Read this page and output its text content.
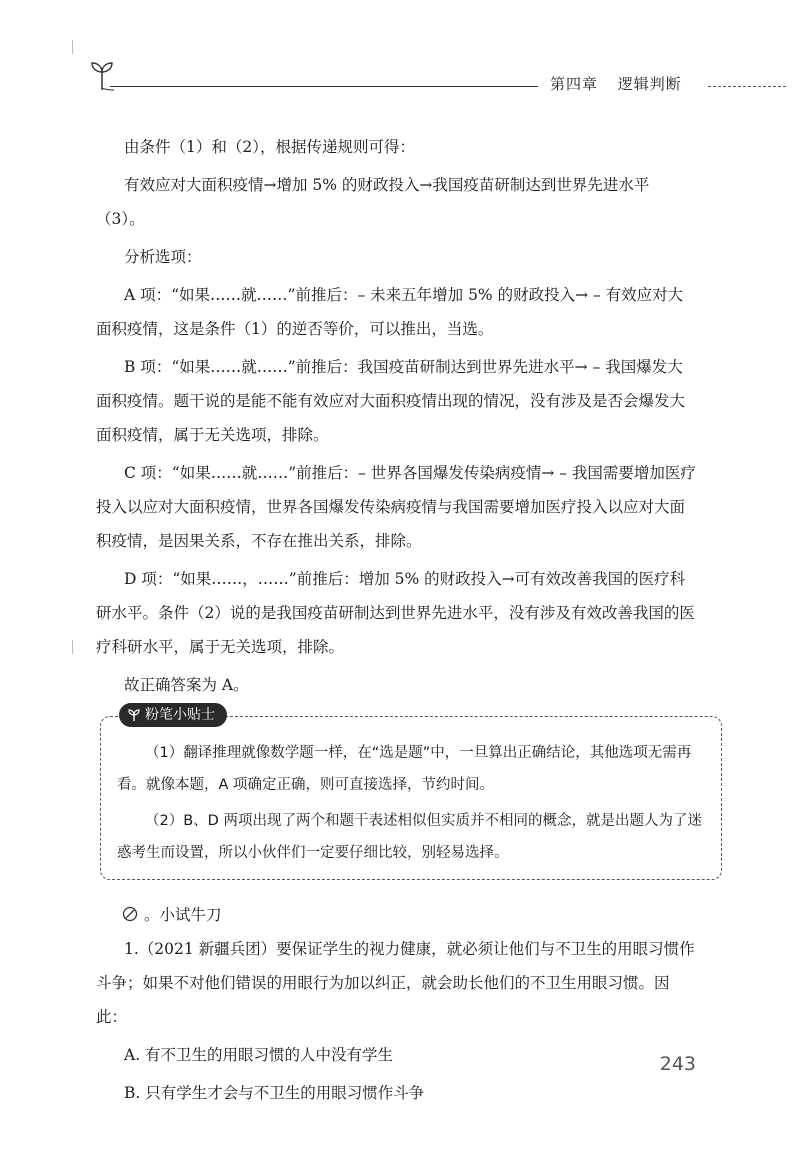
第四章 逻辑判断

由条件（1）和（2），根据传递规则可得：

有效应对大面积疫情→增加 5% 的财政投入→我国疫苗研制达到世界先进水平（3）。

分析选项：

A 项：“如果……就……”前推后：– 未来五年增加 5% 的财政投入→ – 有效应对大面积疫情，这是条件（1）的逆否等价，可以推出，当选。

B 项：“如果……就……”前推后：我国疫苗研制达到世界先进水平→ – 我国爆发大面积疫情。题干说的是能不能有效应对大面积疫情出现的情况，没有涉及是否会爆发大面积疫情，属于无关选项，排除。

C 项：“如果……就……”前推后：– 世界各国爆发传染病疫情→ – 我国需要增加医疗投入以应对大面积疫情，世界各国爆发传染病疫情与我国需要增加医疗投入以应对大面积疫情，是因果关系，不存在推出关系，排除。

D 项：“如果……，……”前推后：增加 5% 的财政投入→可有效改善我国的医疗科研水平。条件（2）说的是我国疫苗研制达到世界先进水平，没有涉及有效改善我国的医疗科研水平，属于无关选项，排除。

故正确答案为 A。

粉笔小贴士

（1）翻译推理就像数学题一样，在“选是题”中，一旦算出正确结论，其他选项无需再看。就像本题，A 项确定正确，则可直接选择，节约时间。

（2）B、D 两项出现了两个和题干表述相似但实质并不相同的概念，就是出题人为了迷惑考生而设置，所以小伙伴们一定要仔细比较，别轻易选择。

。小试牛刀

1.（2021 新疆兵团）要保证学生的视力健康，就必须让他们与不卫生的用眼习惯作斗争；如果不对他们错误的用眼行为加以纠正，就会助长他们的不卫生用眼习惯。因此：

A. 有不卫生的用眼习惯的人中没有学生

B. 只有学生才会与不卫生的用眼习惯作斗争

243
